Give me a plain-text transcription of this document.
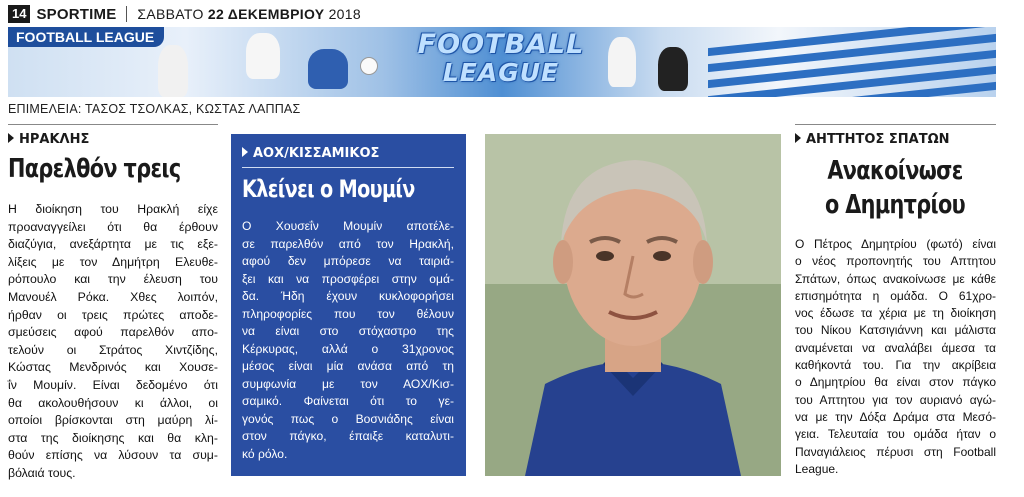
14 SPORTIME ΣΑΒΒΑΤΟ 22 ΔΕΚΕΜΒΡΙΟΥ 2018
FOOTBALL LEAGUE	FOOTBALL
LEAGUE
ΕΠΙΜΕΛΕΙΑ: ΤΑΣΟΣ ΤΣΟΛΚΑΣ, ΚΩΣΤΑΣ ΛΑΠΠΑΣ
ΗΡΑΚΛΗΣ
Παρελθόν τρεις
Η διοίκηση του Ηρακλή είχε
προαναγγείλει ότι θα έρθουν
διαζύγια, ανεξάρτητα με τις εξε-
λίξεις με τον Δημήτρη Ελευθε-
ρόπουλο και την έλευση του
Μανουέλ Ρόκα. Χθες λοιπόν,
ήρθαν οι τρεις πρώτες αποδε-
σμεύσεις αφού παρελθόν απο-
τελούν οι Στράτος Χιντζίδης,
Κώστας Μενδρινός και Χουσε-
ΐν Μουμίν. Είναι δεδομένο ότι
θα ακολουθήσουν κι άλλοι, οι
οποίοι βρίσκονται στη μαύρη λί-
στα της διοίκησης και θα κλη-
θούν επίσης να λύσουν τα συμ-
βόλαιά τους.
ΑΟΧ/ΚΙΣΣΑΜΙΚΟΣ
Κλείνει ο Μουμίν
Ο Χουσεΐν Μουμίν αποτέλε-
σε παρελθόν από τον Ηρακλή,
αφού δεν μπόρεσε να ταιριά-
ξει και να προσφέρει στην ομά-
δα. Ήδη έχουν κυκλοφορήσει
πληροφορίες που τον θέλουν
να είναι στο στόχαστρο της
Κέρκυρας, αλλά ο 31χρονος
μέσος είναι μία ανάσα από τη
συμφωνία με τον ΑΟΧ/Κισ-
σαμικό. Φαίνεται ότι το γε-
γονός πως ο Βοσνιάδης είναι
στον πάγκο, έπαιξε καταλυτι-
κό ρόλο.
ΑΗΤΤΗΤΟΣ ΣΠΑΤΩΝ
Ανακοίνωσε
ο Δημητρίου
Ο Πέτρος Δημητρίου (φωτό) είναι
ο νέος προπονητής του Απτητου
Σπάτων, όπως ανακοίνωσε με κάθε
επισημότητα η ομάδα. Ο 61χρο-
νος έδωσε τα χέρια με τη διοίκηση
του Νίκου Κατσιγιάννη και μάλιστα
αναμένεται να αναλάβει άμεσα τα
καθήκοντά του. Για την ακρίβεια
ο Δημητρίου θα είναι στον πάγκο
του Απτητου για τον αυριανό αγώ-
να με την Δόξα Δράμα στα Μεσό-
γεια. Τελευταία του ομάδα ήταν ο
Παναγιάλειος πέρυσι στη Football
League.
